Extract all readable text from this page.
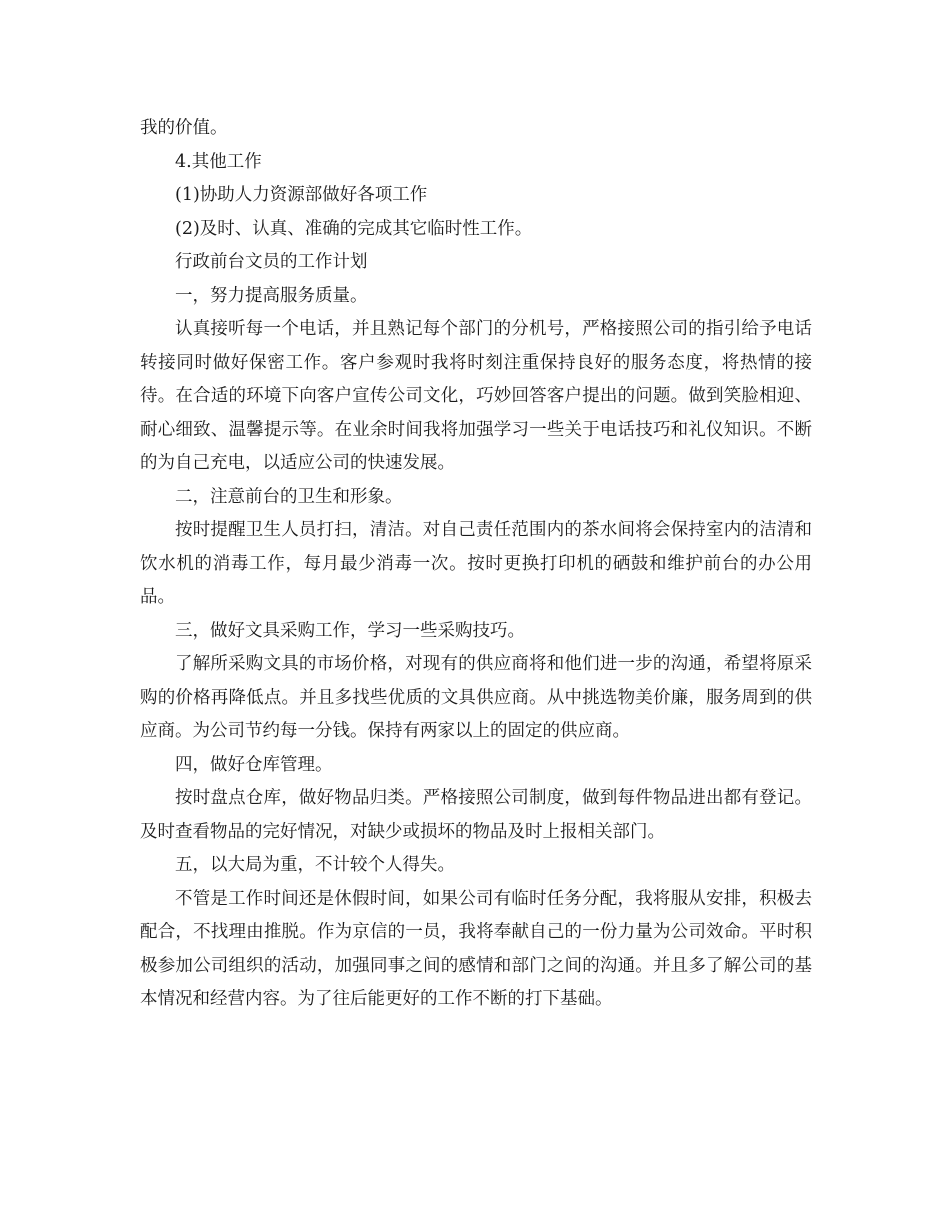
我的价值。

4.其他工作

(1)协助人力资源部做好各项工作

(2)及时、认真、准确的完成其它临时性工作。

行政前台文员的工作计划

一，努力提高服务质量。

认真接听每一个电话，并且熟记每个部门的分机号，严格接照公司的指引给予电话转接同时做好保密工作。客户参观时我将时刻注重保持良好的服务态度，将热情的接待。在合适的环境下向客户宣传公司文化，巧妙回答客户提出的问题。做到笑脸相迎、耐心细致、温馨提示等。在业余时间我将加强学习一些关于电话技巧和礼仪知识。不断的为自己充电，以适应公司的快速发展。

二，注意前台的卫生和形象。

按时提醒卫生人员打扫，清洁。对自己责任范围内的茶水间将会保持室内的洁清和饮水机的消毒工作，每月最少消毒一次。按时更换打印机的硒鼓和维护前台的办公用品。

三，做好文具采购工作，学习一些采购技巧。

了解所采购文具的市场价格，对现有的供应商将和他们进一步的沟通，希望将原采购的价格再降低点。并且多找些优质的文具供应商。从中挑选物美价廉，服务周到的供应商。为公司节约每一分钱。保持有两家以上的固定的供应商。

四，做好仓库管理。

按时盘点仓库，做好物品归类。严格接照公司制度，做到每件物品进出都有登记。及时查看物品的完好情况，对缺少或损坏的物品及时上报相关部门。

五，以大局为重，不计较个人得失。

不管是工作时间还是休假时间，如果公司有临时任务分配，我将服从安排，积极去配合，不找理由推脱。作为京信的一员，我将奉献自己的一份力量为公司效命。平时积极参加公司组织的活动，加强同事之间的感情和部门之间的沟通。并且多了解公司的基本情况和经营内容。为了往后能更好的工作不断的打下基础。
